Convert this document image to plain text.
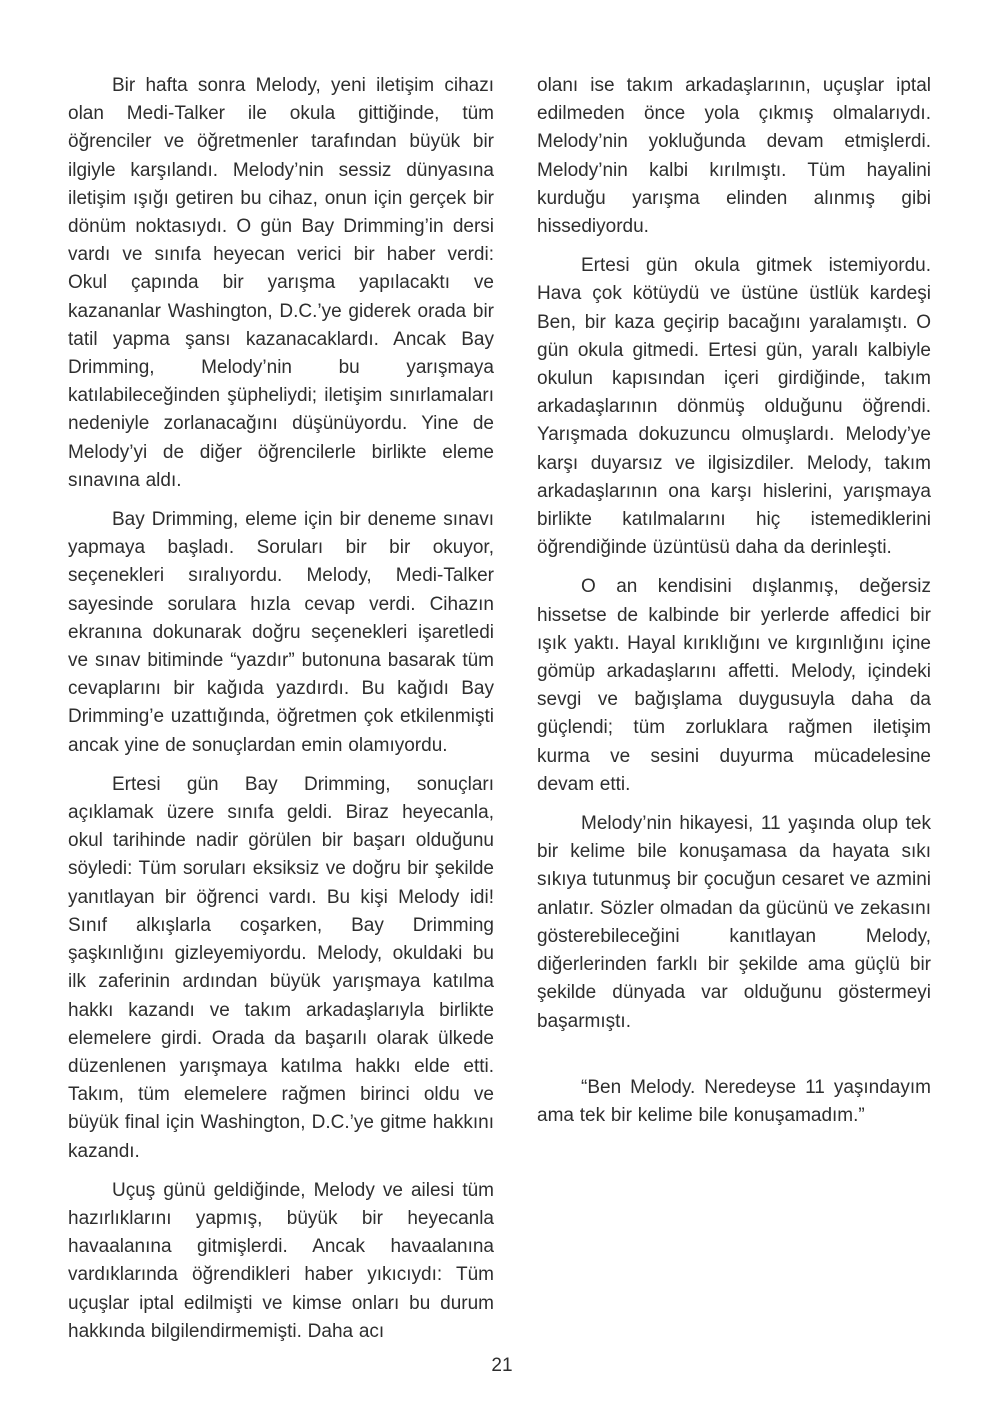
Bir hafta sonra Melody, yeni iletişim cihazı olan Medi-Talker ile okula gittiğinde, tüm öğrenciler ve öğretmenler tarafından büyük bir ilgiyle karşılandı. Melody’nin sessiz dünyasına iletişim ışığı getiren bu cihaz, onun için gerçek bir dönüm noktasıydı. O gün Bay Drimming’in dersi vardı ve sınıfa heyecan verici bir haber verdi: Okul çapında bir yarışma yapılacaktı ve kazananlar Washington, D.C.’ye giderek orada bir tatil yapma şansı kazanacaklardı. Ancak Bay Drimming, Melody’nin bu yarışmaya katılabileceğinden şüpheliydi; iletişim sınırlamaları nedeniyle zorlanacağını düşünüyordu. Yine de Melody’yi de diğer öğrencilerle birlikte eleme sınavına aldı.

Bay Drimming, eleme için bir deneme sınavı yapmaya başladı. Soruları bir bir okuyor, seçenekleri sıralıyordu. Melody, Medi-Talker sayesinde sorulara hızla cevap verdi. Cihazın ekranına dokunarak doğru seçenekleri işaretledi ve sınav bitiminde “yazdır” butonuna basarak tüm cevaplarını bir kağıda yazdırdı. Bu kağıdı Bay Drimming’e uzattığında, öğretmen çok etkilenmişti ancak yine de sonuçlardan emin olamıyordu.

Ertesi gün Bay Drimming, sonuçları açıklamak üzere sınıfa geldi. Biraz heyecanla, okul tarihinde nadir görülen bir başarı olduğunu söyledi: Tüm soruları eksiksiz ve doğru bir şekilde yanıtlayan bir öğrenci vardı. Bu kişi Melody idi! Sınıf alkışlarla coşarken, Bay Drimming şaşkınlığını gizleyemiyordu. Melody, okuldaki bu ilk zaferinin ardından büyük yarışmaya katılma hakkı kazandı ve takım arkadaşlarıyla birlikte elemelere girdi. Orada da başarılı olarak ülkede düzenlenen yarışmaya katılma hakkı elde etti. Takım, tüm elemelere rağmen birinci oldu ve büyük final için Washington, D.C.’ye gitme hakkını kazandı.

Uçuş günü geldiğinde, Melody ve ailesi tüm hazırlıklarını yapmış, büyük bir heyecanla havaalanına gitmişlerdi. Ancak havaalanına vardıklarında öğrendikleri haber yıkıcıydı: Tüm uçuşlar iptal edilmişti ve kimse onları bu durum hakkında bilgilendirmemişti. Daha acı

olanı ise takım arkadaşlarının, uçuşlar iptal edilmeden önce yola çıkmış olmalarıydı. Melody’nin yokluğunda devam etmişlerdi. Melody’nin kalbi kırılmıştı. Tüm hayalini kurduğu yarışma elinden alınmış gibi hissediyordu.

Ertesi gün okula gitmek istemiyordu. Hava çok kötüydü ve üstüne üstlük kardeşi Ben, bir kaza geçirip bacağını yaralamıştı. O gün okula gitmedi. Ertesi gün, yaralı kalbiyle okulun kapısından içeri girdiğinde, takım arkadaşlarının dönmüş olduğunu öğrendi. Yarışmada dokuzuncu olmuşlardı. Melody’ye karşı duyarsız ve ilgisizdiler. Melody, takım arkadaşlarının ona karşı hislerini, yarışmaya birlikte katılmalarını hiç istemediklerini öğrendiğinde üzüntüsü daha da derinleşti.

O an kendisini dışlanmış, değersiz hissetse de kalbinde bir yerlerde affedici bir ışık yaktı. Hayal kırıklığını ve kırgınlığını içine gömüp arkadaşlarını affetti. Melody, içindeki sevgi ve bağışlama duygusuyla daha da güçlendi; tüm zorluklara rağmen iletişim kurma ve sesini duyurma mücadelesine devam etti.

Melody’nin hikayesi, 11 yaşında olup tek bir kelime bile konuşamasa da hayata sıkı sıkıya tutunmuş bir çocuğun cesaret ve azmini anlatır. Sözler olmadan da gücünü ve zekasını gösterebileceğini kanıtlayan Melody, diğerlerinden farklı bir şekilde ama güçlü bir şekilde dünyada var olduğunu göstermeyi başarmıştı.

“Ben Melody. Neredeyse 11 yaşındayım ama tek bir kelime bile konuşamadım.”

21
